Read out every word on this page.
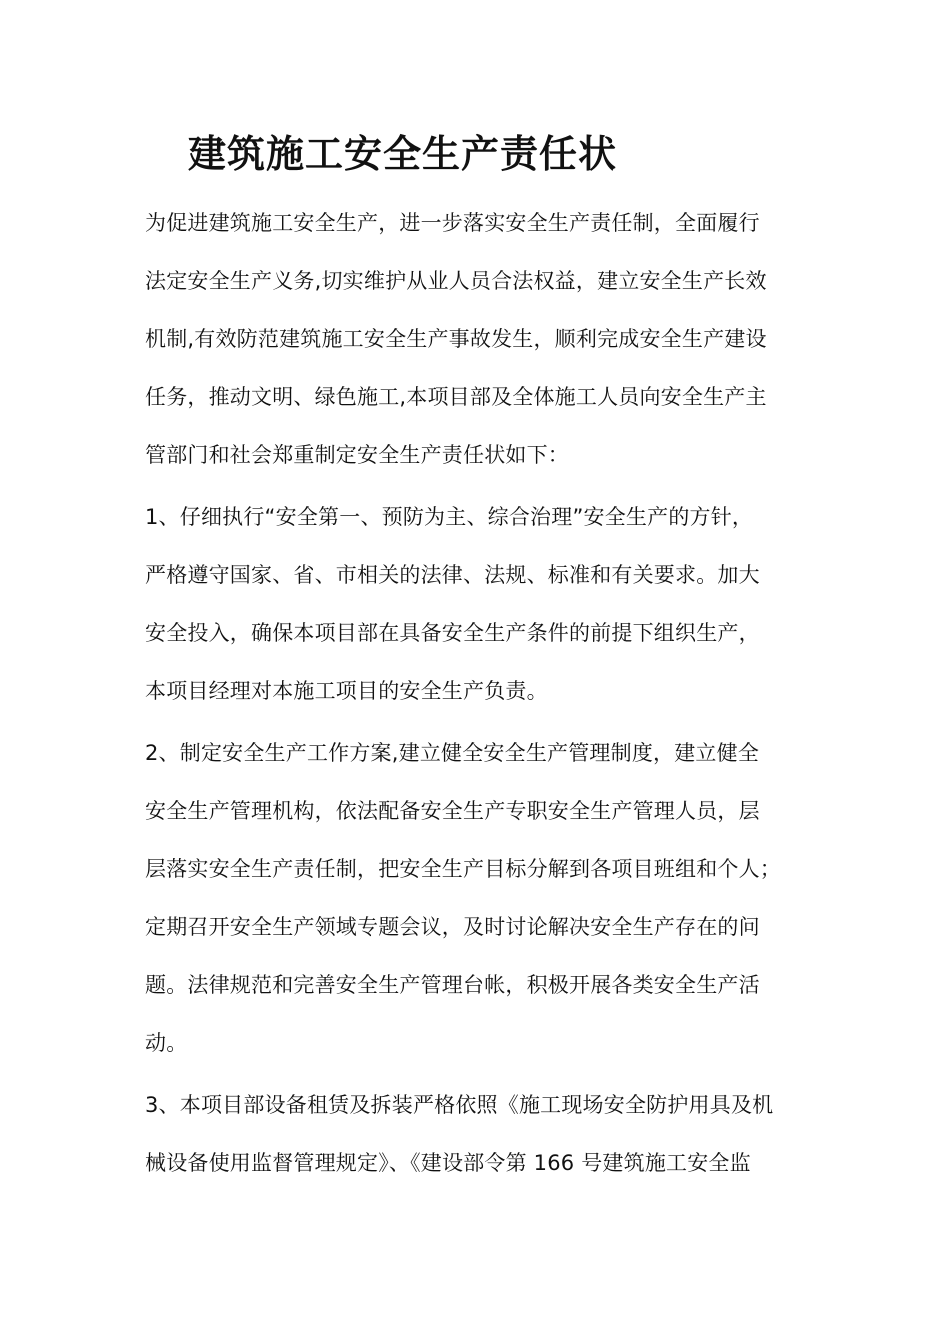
建筑施工安全生产责任状

为促进建筑施工安全生产，进一步落实安全生产责任制，全面履行
法定安全生产义务,切实维护从业人员合法权益，建立安全生产长效
机制,有效防范建筑施工安全生产事故发生，顺利完成安全生产建设
任务，推动文明、绿色施工,本项目部及全体施工人员向安全生产主
管部门和社会郑重制定安全生产责任状如下：

1、仔细执行“安全第一、预防为主、综合治理”安全生产的方针，
严格遵守国家、省、市相关的法律、法规、标准和有关要求。加大
安全投入，确保本项目部在具备安全生产条件的前提下组织生产，
本项目经理对本施工项目的安全生产负责。

2、制定安全生产工作方案,建立健全安全生产管理制度，建立健全
安全生产管理机构，依法配备安全生产专职安全生产管理人员，层
层落实安全生产责任制，把安全生产目标分解到各项目班组和个人；
定期召开安全生产领域专题会议，及时讨论解决安全生产存在的问
题。法律规范和完善安全生产管理台帐，积极开展各类安全生产活
动。

3、本项目部设备租赁及拆装严格依照《施工现场安全防护用具及机
械设备使用监督管理规定》、《建设部令第 166 号建筑施工安全监
